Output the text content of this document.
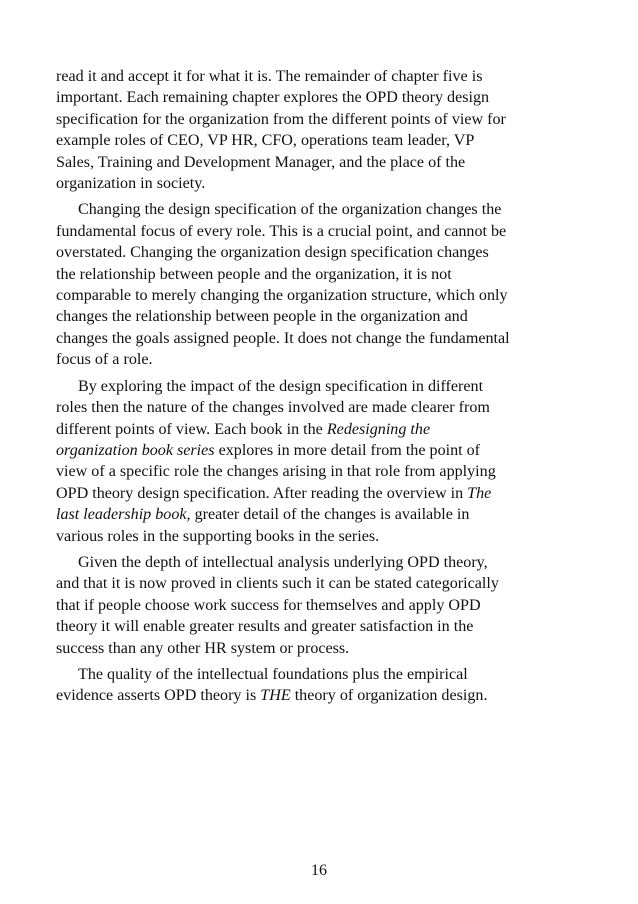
read it and accept it for what it is. The remainder of chapter five is
important. Each remaining chapter explores the OPD theory design
specification for the organization from the different points of view for
example roles of CEO, VP HR, CFO, operations team leader, VP
Sales, Training and Development Manager, and the place of the
organization in society.

Changing the design specification of the organization changes the
fundamental focus of every role. This is a crucial point, and cannot be
overstated. Changing the organization design specification changes
the relationship between people and the organization, it is not
comparable to merely changing the organization structure, which only
changes the relationship between people in the organization and
changes the goals assigned people. It does not change the fundamental
focus of a role.

By exploring the impact of the design specification in different
roles then the nature of the changes involved are made clearer from
different points of view. Each book in the Redesigning the
organization book series explores in more detail from the point of
view of a specific role the changes arising in that role from applying
OPD theory design specification. After reading the overview in The
last leadership book, greater detail of the changes is available in
various roles in the supporting books in the series.

Given the depth of intellectual analysis underlying OPD theory,
and that it is now proved in clients such it can be stated categorically
that if people choose work success for themselves and apply OPD
theory it will enable greater results and greater satisfaction in the
success than any other HR system or process.

The quality of the intellectual foundations plus the empirical
evidence asserts OPD theory is THE theory of organization design.

16
